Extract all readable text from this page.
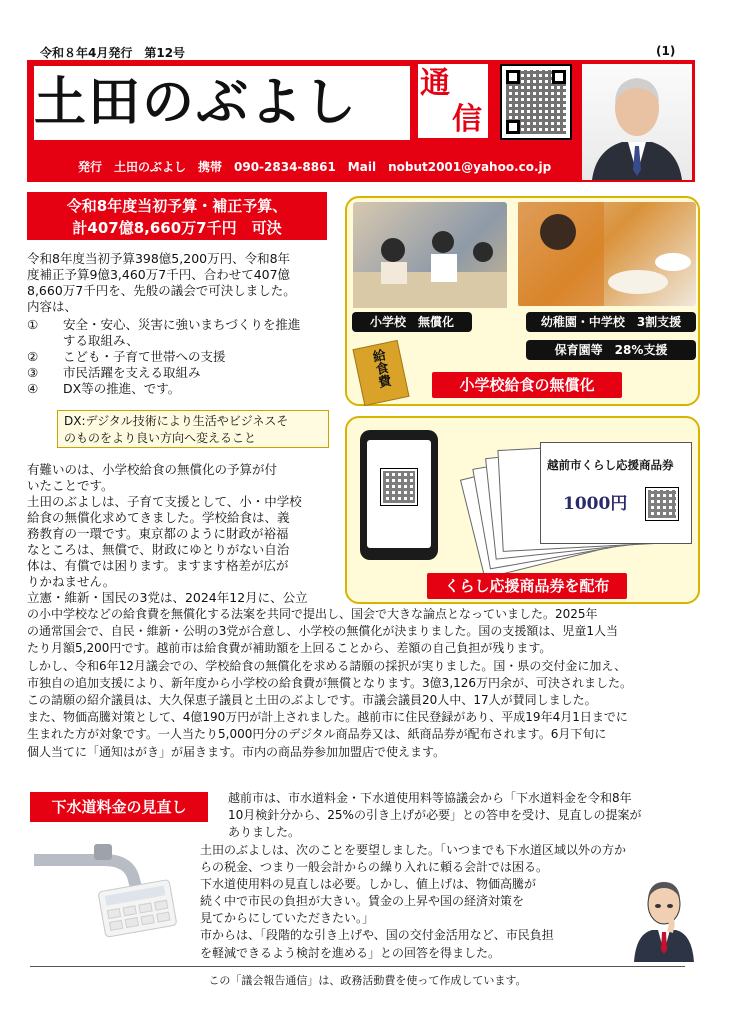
令和８年4月発行　第12号	(1)
土田のぶよし	通
信
発行　土田のぶよし　携帯　090-2834-8861　Mail　nobut2001@yahoo.co.jp
令和8年度当初予算・補正予算、
計407億8,660万7千円　可決
令和8年度当初予算398億5,200万円、令和8年
度補正予算9億3,460万7千円、合わせて407億
8,660万7千円を、先般の議会で可決しました。
内容は、
① 安全・安心、災害に強いまちづくりを推進
する取組み、
② こども・子育て世帯への支援
③ 市民活躍を支える取組み
④ DX等の推進、です。
DX:デジタル技術により生活やビジネスそ
のものをより良い方向へ変えること
小学校　無償化	幼稚園・中学校　3割支援
保育園等　28%支援
給食費	小学校給食の無償化
越前市くらし応援商品券
1000円
くらし応援商品券を配布
有難いのは、小学校給食の無償化の予算が付
いたことです。
土田のぶよしは、子育て支援として、小・中学校
給食の無償化求めてきました。学校給食は、義
務教育の一環です。東京都のように財政が裕福
なところは、無償で、財政にゆとりがない自治
体は、有償では困ります。ますます格差が広が
りかねません。
立憲・維新・国民の3党は、2024年12月に、公立
の小中学校などの給食費を無償化する法案を共同で提出し、国会で大きな論点となっていました。2025年
の通常国会で、自民・維新・公明の3党が合意し、小学校の無償化が決まりました。国の支援額は、児童1人当
たり月額5,200円です。越前市は給食費が補助額を上回ることから、差額の自己負担が残ります。
しかし、令和6年12月議会での、学校給食の無償化を求める請願の採択が実りました。国・県の交付金に加え、
市独自の追加支援により、新年度から小学校の給食費が無償となります。3億3,126万円余が、可決されました。
この請願の紹介議員は、大久保恵子議員と土田のぶよしです。市議会議員20人中、17人が賛同しました。
また、物価高騰対策として、4億190万円が計上されました。越前市に住民登録があり、平成19年4月1日までに
生まれた方が対象です。一人当たり5,000円分のデジタル商品券又は、紙商品券が配布されます。6月下旬に
個人当てに「通知はがき」が届きます。市内の商品券参加加盟店で使えます。
下水道料金の見直し	越前市は、市水道料金・下水道使用料等協議会から「下水道料金を令和8年
10月検針分から、25%の引き上げが必要」との答申を受け、見直しの提案が
ありました。
土田のぶよしは、次のことを要望しました。「いつまでも下水道区域以外の方か
らの税金、つまり一般会計からの繰り入れに頼る会計では困る。
下水道使用料の見直しは必要。しかし、値上げは、物価高騰が
続く中で市民の負担が大きい。賃金の上昇や国の経済対策を
見てからにしていただきたい。」
市からは、「段階的な引き上げや、国の交付金活用など、市民負担
を軽減できるよう検討を進める」との回答を得ました。
この「議会報告通信」は、政務活動費を使って作成しています。
